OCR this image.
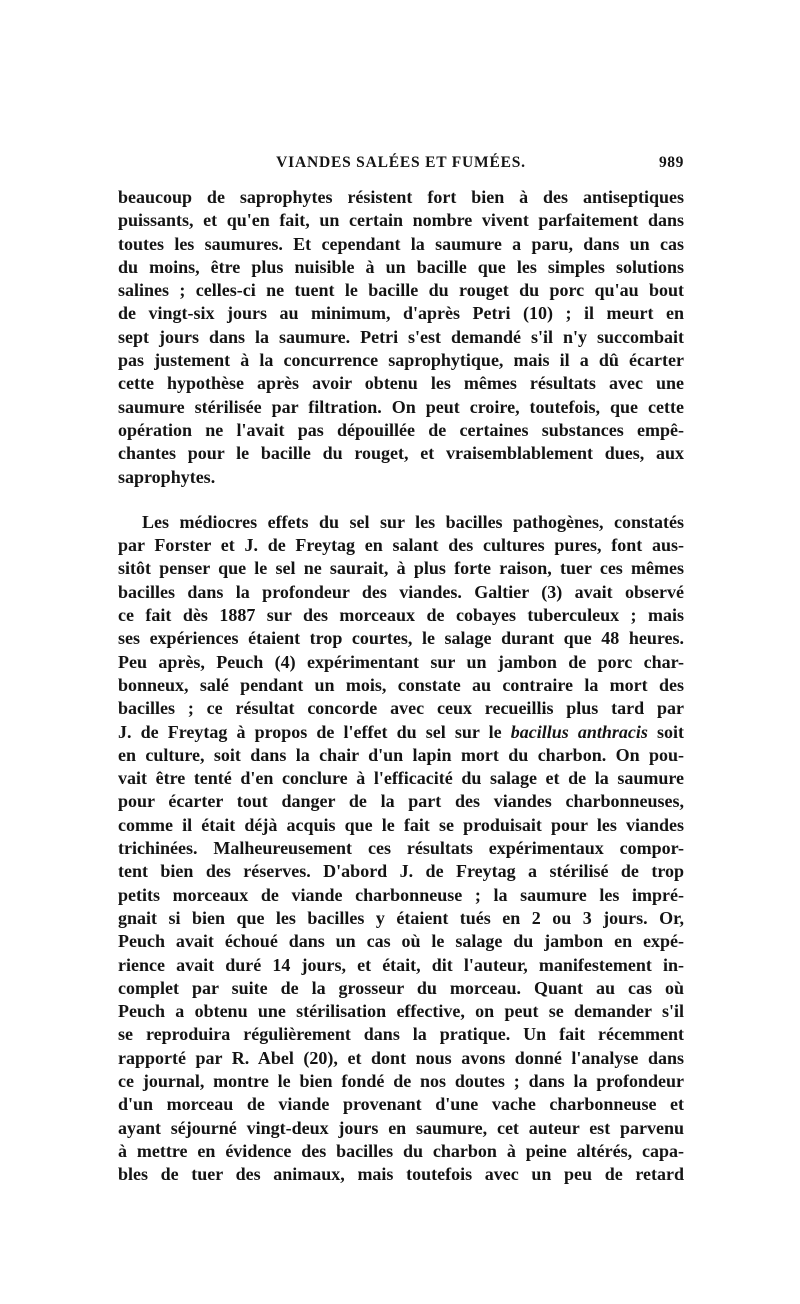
VIANDES SALÉES ET FUMÉES.	989
beaucoup de saprophytes résistent fort bien à des antiseptiques
puissants, et qu'en fait, un certain nombre vivent parfaitement dans
toutes les saumures. Et cependant la saumure a paru, dans un cas
du moins, être plus nuisible à un bacille que les simples solutions
salines ; celles-ci ne tuent le bacille du rouget du porc qu'au bout
de vingt-six jours au minimum, d'après Petri (10) ; il meurt en
sept jours dans la saumure. Petri s'est demandé s'il n'y succombait
pas justement à la concurrence saprophytique, mais il a dû écarter
cette hypothèse après avoir obtenu les mêmes résultats avec une
saumure stérilisée par filtration. On peut croire, toutefois, que cette
opération ne l'avait pas dépouillée de certaines substances empê-
chantes pour le bacille du rouget, et vraisemblablement dues, aux
saprophytes.
Les médiocres effets du sel sur les bacilles pathogènes, constatés
par Forster et J. de Freytag en salant des cultures pures, font aus-
sitôt penser que le sel ne saurait, à plus forte raison, tuer ces mêmes
bacilles dans la profondeur des viandes. Galtier (3) avait observé
ce fait dès 1887 sur des morceaux de cobayes tuberculeux ; mais
ses expériences étaient trop courtes, le salage durant que 48 heures.
Peu après, Peuch (4) expérimentant sur un jambon de porc char-
bonneux, salé pendant un mois, constate au contraire la mort des
bacilles ; ce résultat concorde avec ceux recueillis plus tard par
J. de Freytag à propos de l'effet du sel sur le bacillus anthracis soit
en culture, soit dans la chair d'un lapin mort du charbon. On pou-
vait être tenté d'en conclure à l'efficacité du salage et de la saumure
pour écarter tout danger de la part des viandes charbonneuses,
comme il était déjà acquis que le fait se produisait pour les viandes
trichinées. Malheureusement ces résultats expérimentaux compor-
tent bien des réserves. D'abord J. de Freytag a stérilisé de trop
petits morceaux de viande charbonneuse ; la saumure les impré-
gnait si bien que les bacilles y étaient tués en 2 ou 3 jours. Or,
Peuch avait échoué dans un cas où le salage du jambon en expé-
rience avait duré 14 jours, et était, dit l'auteur, manifestement in-
complet par suite de la grosseur du morceau. Quant au cas où
Peuch a obtenu une stérilisation effective, on peut se demander s'il
se reproduira régulièrement dans la pratique. Un fait récemment
rapporté par R. Abel (20), et dont nous avons donné l'analyse dans
ce journal, montre le bien fondé de nos doutes ; dans la profondeur
d'un morceau de viande provenant d'une vache charbonneuse et
ayant séjourné vingt-deux jours en saumure, cet auteur est parvenu
à mettre en évidence des bacilles du charbon à peine altérés, capa-
bles de tuer des animaux, mais toutefois avec un peu de retard
